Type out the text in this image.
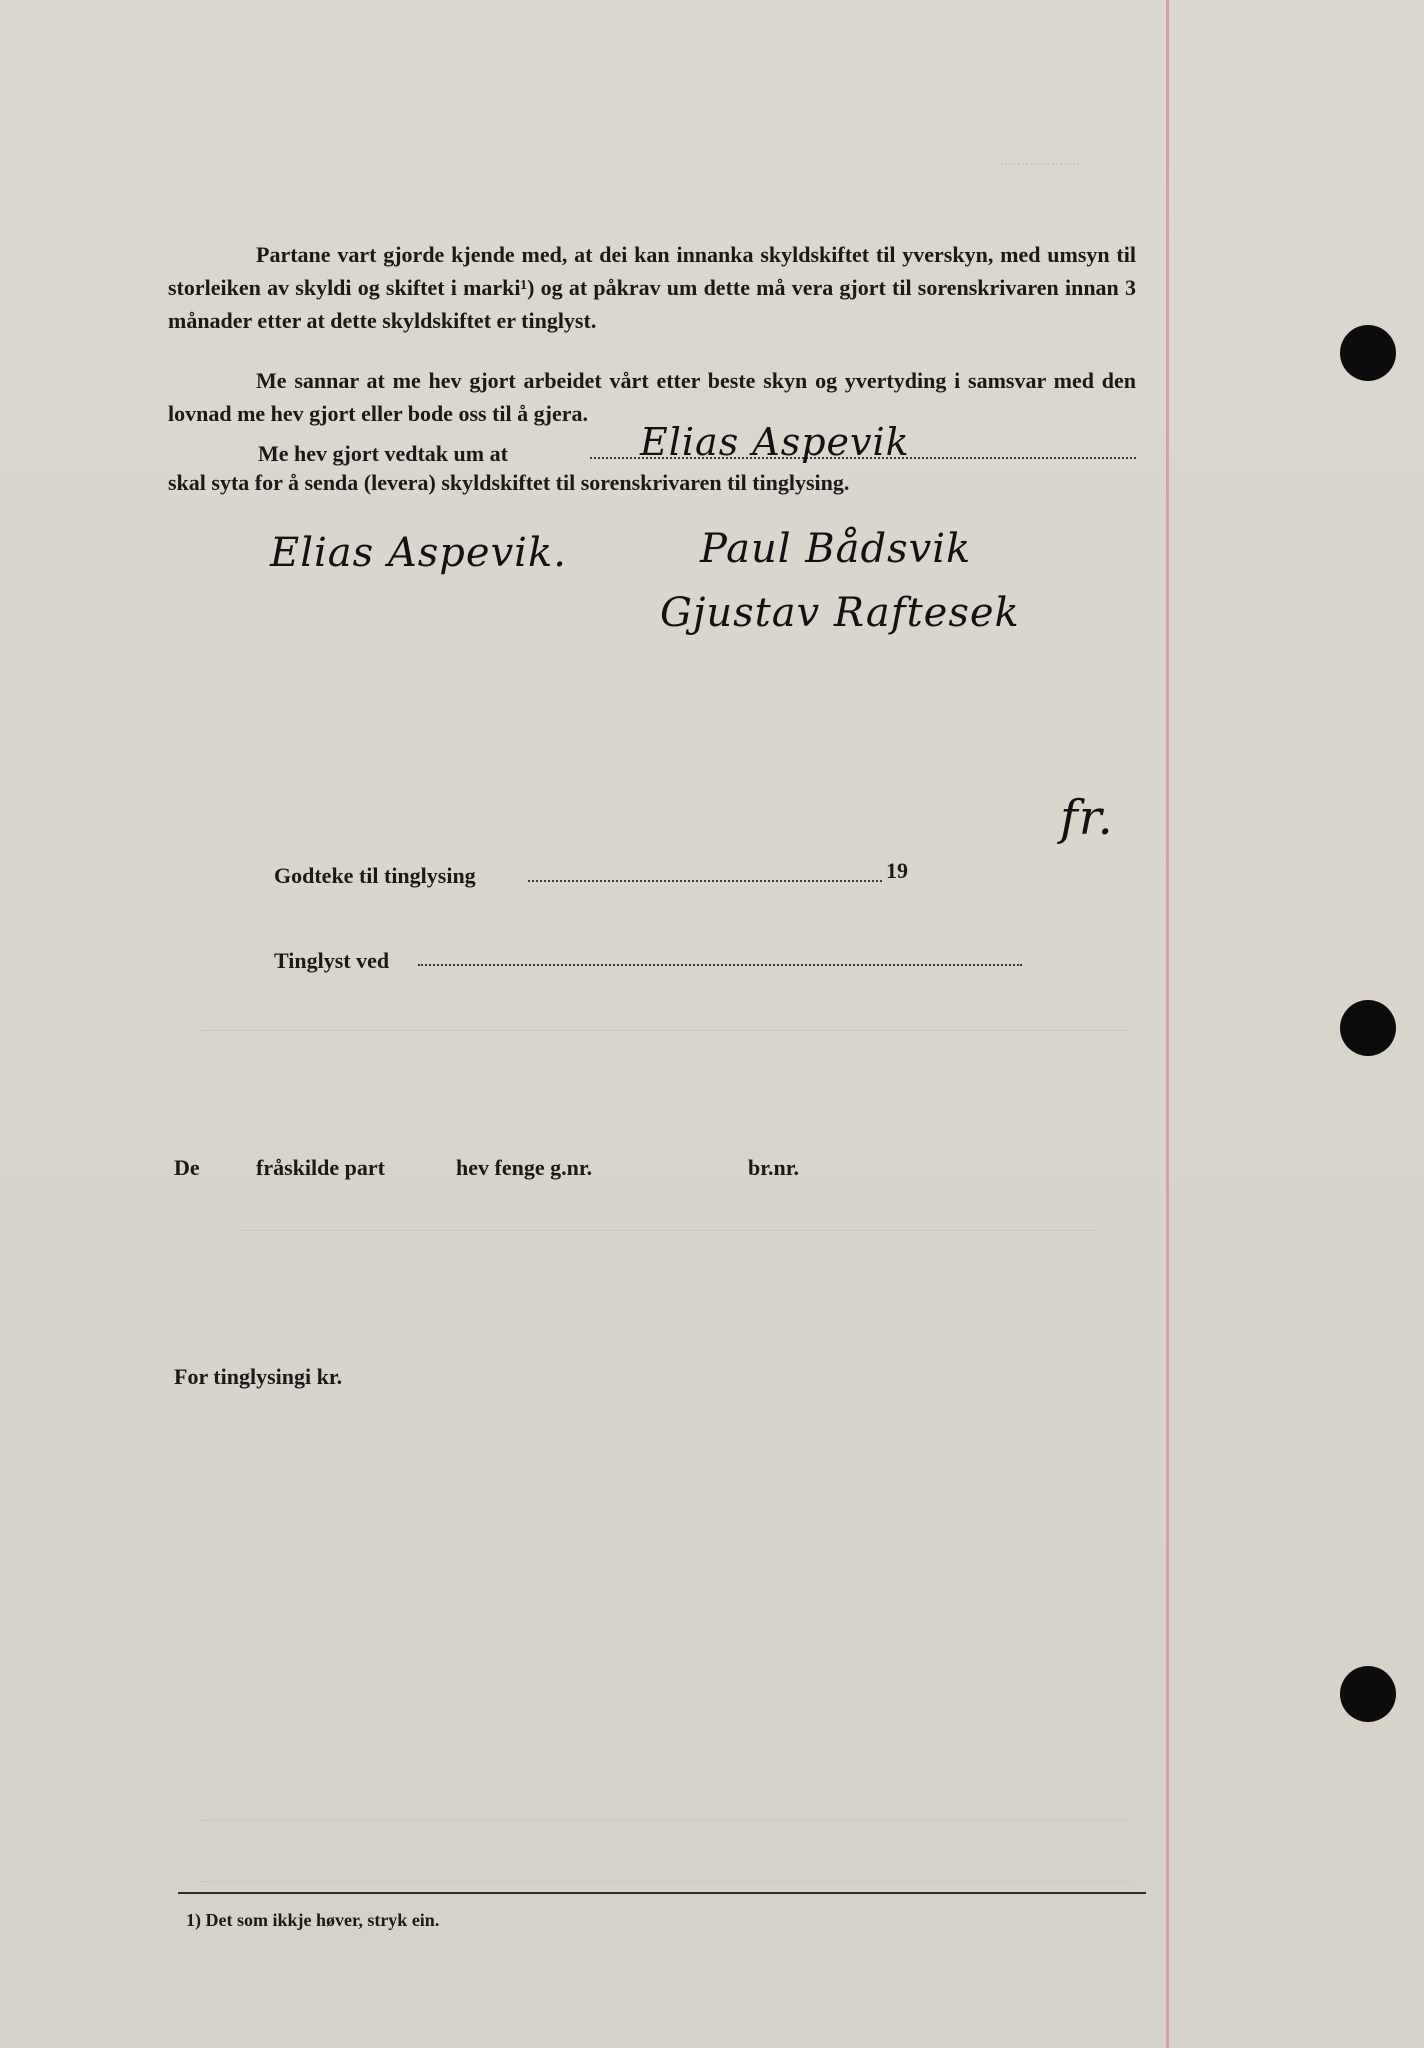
...................

Partane vart gjorde kjende med, at dei kan innanka skyldskiftet til yverskyn, med umsyn til storleiken av skyldi og skiftet i marki¹) og at påkrav um dette må vera gjort til sorenskrivaren innan 3 månader etter at dette skyldskiftet er tinglyst.

Me sannar at me hev gjort arbeidet vårt etter beste skyn og yvertyding i samsvar med den lovnad me hev gjort eller bode oss til å gjera.

Me hev gjort vedtak um at	Elias Aspevik
skal syta for å senda (levera) skyldskiftet til sorenskrivaren til tinglysing.
Elias Aspevik.	Paul Bådsvik
Gjustav Raftesek
fr.
Godteke til tinglysing	19
Tinglyst ved
De	fråskilde part	hev fenge g.nr.	br.nr.
For tinglysingi kr.
1) Det som ikkje høver, stryk ein.
